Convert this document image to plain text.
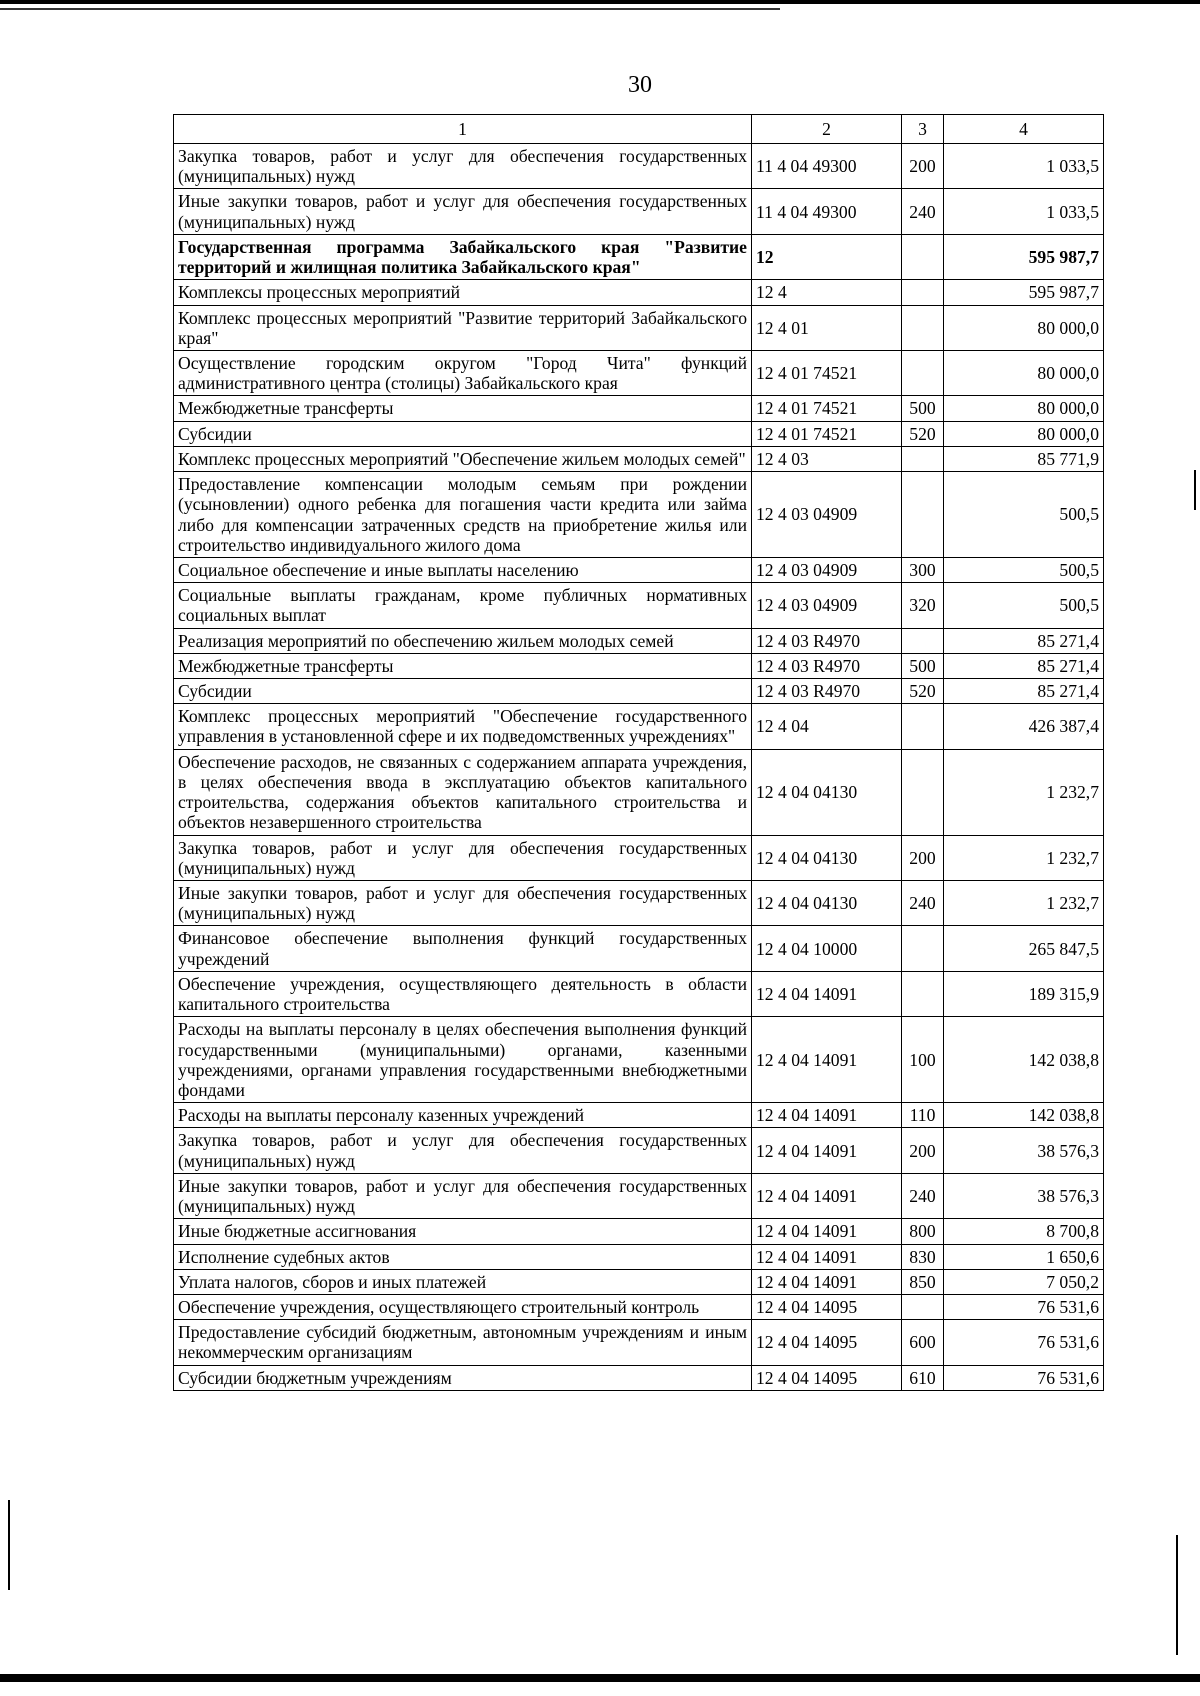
30
1	2	3	4
Закупка товаров, работ и услуг для обеспечения государственных (муниципальных) нужд	11 4 04 49300	200	1 033,5
Иные закупки товаров, работ и услуг для обеспечения государственных (муниципальных) нужд	11 4 04 49300	240	1 033,5
Государственная программа Забайкальского края "Развитие территорий и жилищная политика Забайкальского края"	12		595 987,7
Комплексы процессных мероприятий	12 4		595 987,7
Комплекс процессных мероприятий "Развитие территорий Забайкальского края"	12 4 01		80 000,0
Осуществление городским округом "Город Чита" функций административного центра (столицы) Забайкальского края	12 4 01 74521		80 000,0
Межбюджетные трансферты	12 4 01 74521	500	80 000,0
Субсидии	12 4 01 74521	520	80 000,0
Комплекс процессных мероприятий "Обеспечение жильем молодых семей"	12 4 03		85 771,9
Предоставление компенсации молодым семьям при рождении (усыновлении) одного ребенка для погашения части кредита или займа либо для компенсации затраченных средств на приобретение жилья или строительство индивидуального жилого дома	12 4 03 04909		500,5
Социальное обеспечение и иные выплаты населению	12 4 03 04909	300	500,5
Социальные выплаты гражданам, кроме публичных нормативных социальных выплат	12 4 03 04909	320	500,5
Реализация мероприятий по обеспечению жильем молодых семей	12 4 03 R4970		85 271,4
Межбюджетные трансферты	12 4 03 R4970	500	85 271,4
Субсидии	12 4 03 R4970	520	85 271,4
Комплекс процессных мероприятий "Обеспечение государственного управления в установленной сфере и их подведомственных учреждениях"	12 4 04		426 387,4
Обеспечение расходов, не связанных с содержанием аппарата учреждения, в целях обеспечения ввода в эксплуатацию объектов капитального строительства, содержания объектов капитального строительства и объектов незавершенного строительства	12 4 04 04130		1 232,7
Закупка товаров, работ и услуг для обеспечения государственных (муниципальных) нужд	12 4 04 04130	200	1 232,7
Иные закупки товаров, работ и услуг для обеспечения государственных (муниципальных) нужд	12 4 04 04130	240	1 232,7
Финансовое обеспечение выполнения функций государственных учреждений	12 4 04 10000		265 847,5
Обеспечение учреждения, осуществляющего деятельность в области капитального строительства	12 4 04 14091		189 315,9
Расходы на выплаты персоналу в целях обеспечения выполнения функций государственными (муниципальными) органами, казенными учреждениями, органами управления государственными внебюджетными фондами	12 4 04 14091	100	142 038,8
Расходы на выплаты персоналу казенных учреждений	12 4 04 14091	110	142 038,8
Закупка товаров, работ и услуг для обеспечения государственных (муниципальных) нужд	12 4 04 14091	200	38 576,3
Иные закупки товаров, работ и услуг для обеспечения государственных (муниципальных) нужд	12 4 04 14091	240	38 576,3
Иные бюджетные ассигнования	12 4 04 14091	800	8 700,8
Исполнение судебных актов	12 4 04 14091	830	1 650,6
Уплата налогов, сборов и иных платежей	12 4 04 14091	850	7 050,2
Обеспечение учреждения, осуществляющего строительный контроль	12 4 04 14095		76 531,6
Предоставление субсидий бюджетным, автономным учреждениям и иным некоммерческим организациям	12 4 04 14095	600	76 531,6
Субсидии бюджетным учреждениям	12 4 04 14095	610	76 531,6
